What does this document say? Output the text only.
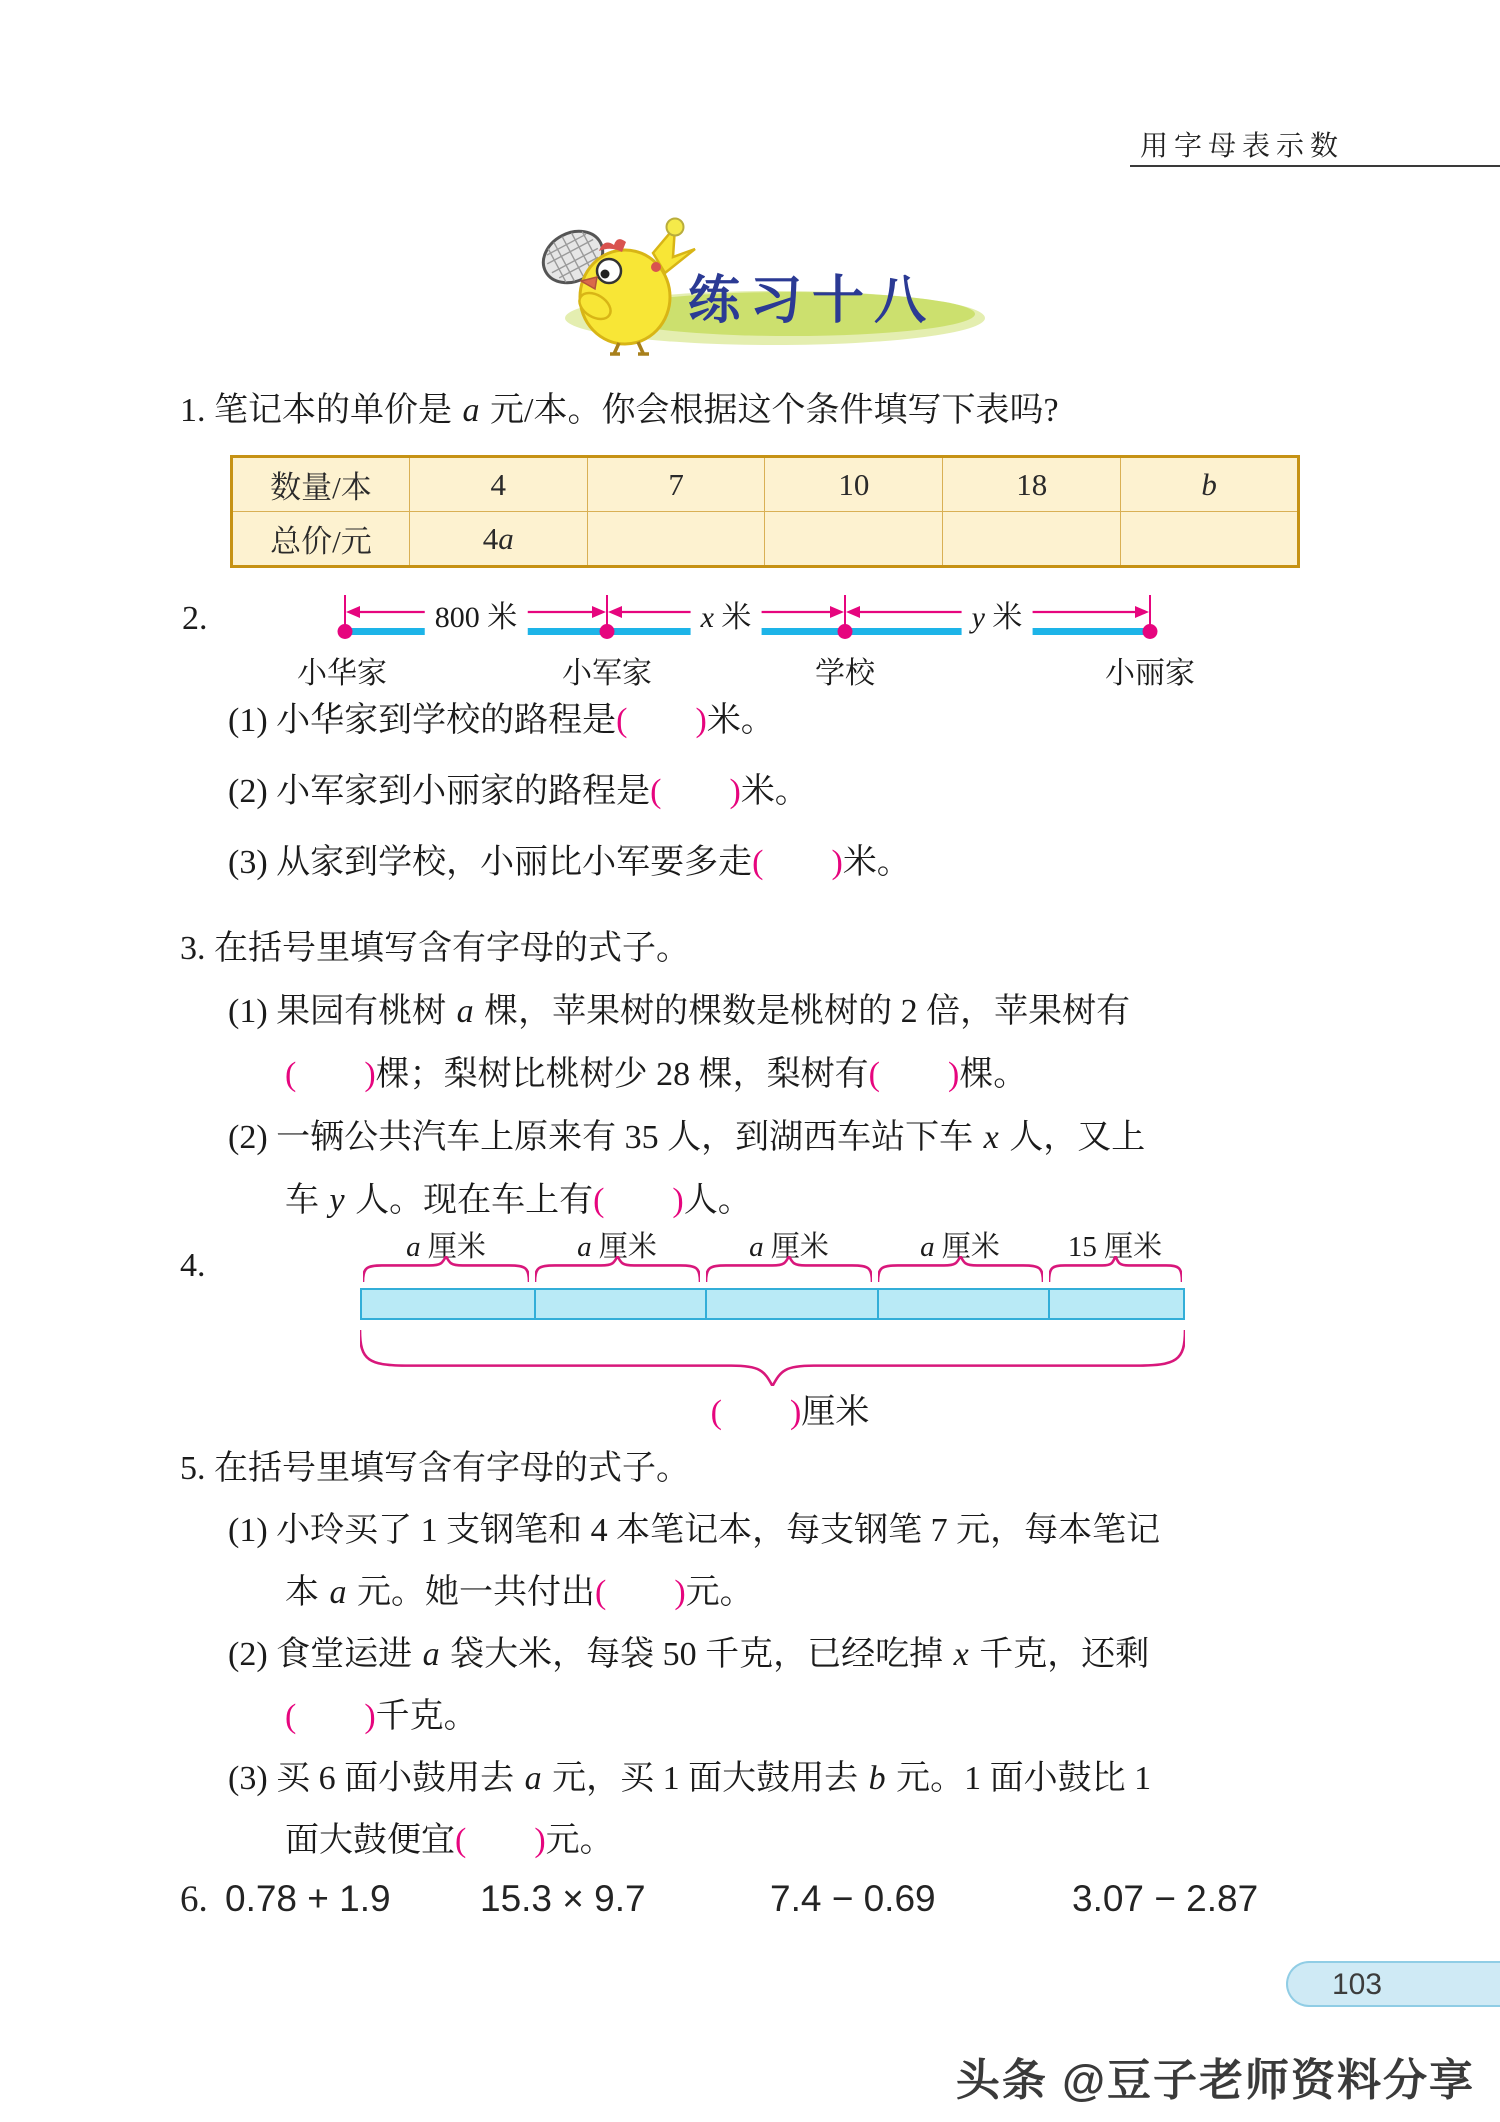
用字母表示数
练习十八
1. 笔记本的单价是 a 元/本。你会根据这个条件填写下表吗?
数量/本	4	7	10	18	b
总价/元	4a				
2.	800 米	x 米	y 米
小华家	小军家	学校	小丽家
(1) 小华家到学校的路程是(        )米。
(2) 小军家到小丽家的路程是(        )米。
(3) 从家到学校，小丽比小军要多走(        )米。
3. 在括号里填写含有字母的式子。
(1) 果园有桃树 a 棵，苹果树的棵数是桃树的 2 倍，苹果树有
(        )棵；梨树比桃树少 28 棵，梨树有(        )棵。
(2) 一辆公共汽车上原来有 35 人，到湖西车站下车 x 人，又上
车 y 人。现在车上有(        )人。
4.	a 厘米	a 厘米	a 厘米	a 厘米 15 厘米
(        )厘米
5. 在括号里填写含有字母的式子。
(1) 小玲买了 1 支钢笔和 4 本笔记本，每支钢笔 7 元，每本笔记
本 a 元。她一共付出(        )元。
(2) 食堂运进 a 袋大米，每袋 50 千克，已经吃掉 x 千克，还剩
(        )千克。
(3) 买 6 面小鼓用去 a 元，买 1 面大鼓用去 b 元。1 面小鼓比 1
面大鼓便宜(        )元。
6. 0.78 + 1.9 15.3 × 9.7	7.4 − 0.69	3.07 − 2.87
103
头条 @豆子老师资料分享
